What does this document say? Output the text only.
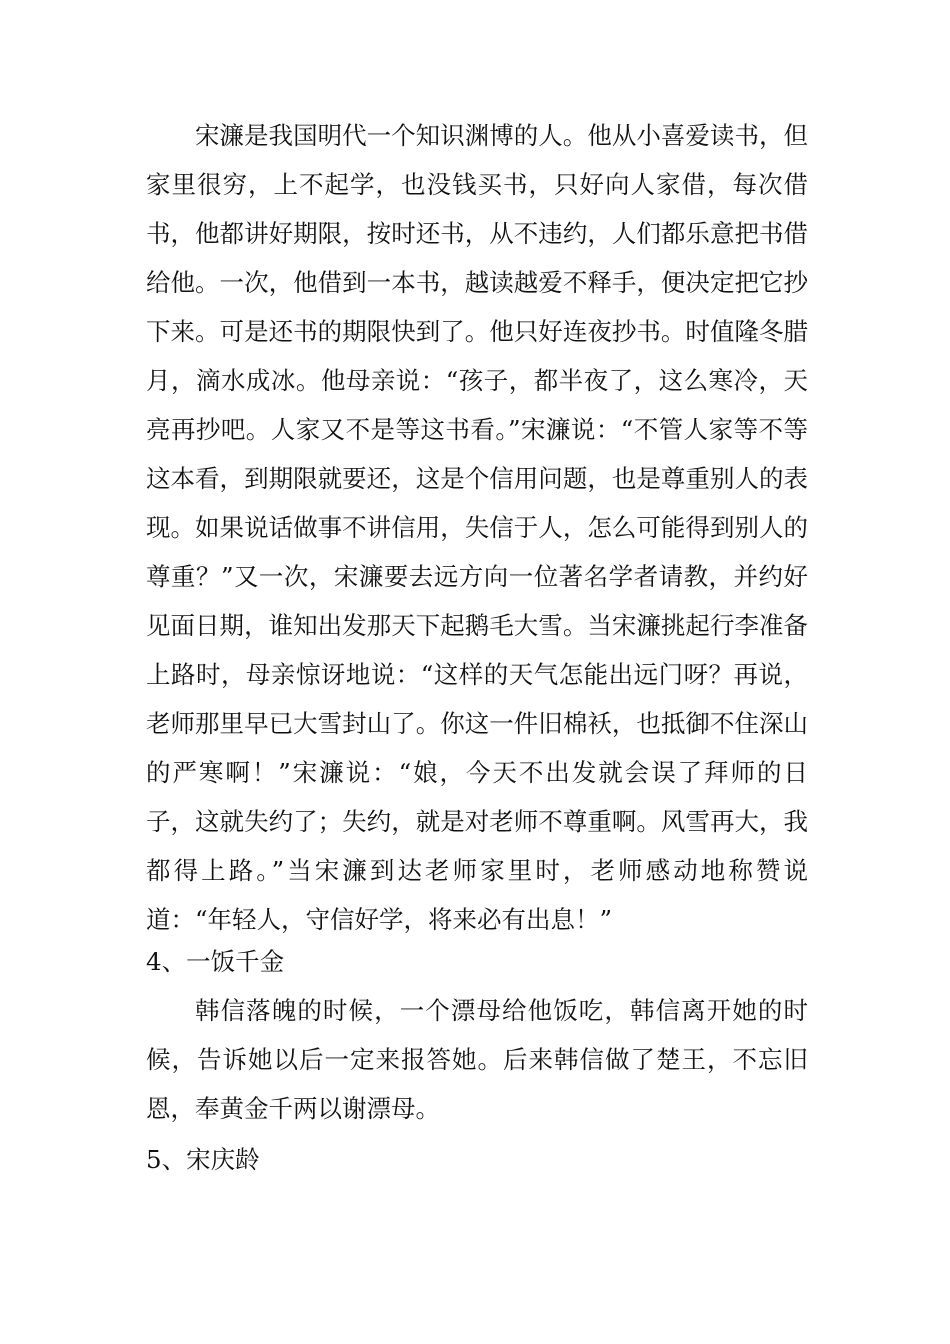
宋濂是我国明代一个知识渊博的人。他从小喜爱读书，但家里很穷，上不起学，也没钱买书，只好向人家借，每次借书，他都讲好期限，按时还书，从不违约，人们都乐意把书借给他。一次，他借到一本书，越读越爱不释手，便决定把它抄下来。可是还书的期限快到了。他只好连夜抄书。时值隆冬腊月，滴水成冰。他母亲说：“孩子，都半夜了，这么寒冷，天亮再抄吧。人家又不是等这书看。”宋濂说：“不管人家等不等这本看，到期限就要还，这是个信用问题，也是尊重别人的表现。如果说话做事不讲信用，失信于人，怎么可能得到别人的尊重？”又一次，宋濂要去远方向一位著名学者请教，并约好见面日期，谁知出发那天下起鹅毛大雪。当宋濂挑起行李准备上路时，母亲惊讶地说：“这样的天气怎能出远门呀？再说，老师那里早已大雪封山了。你这一件旧棉袄，也抵御不住深山的严寒啊！”宋濂说：“娘，今天不出发就会误了拜师的日子，这就失约了；失约，就是对老师不尊重啊。风雪再大，我都得上路。”当宋濂到达老师家里时，老师感动地称赞说道：“年轻人，守信好学，将来必有出息！”

4、一饭千金

韩信落魄的时候，一个漂母给他饭吃，韩信离开她的时候，告诉她以后一定来报答她。后来韩信做了楚王，不忘旧恩，奉黄金千两以谢漂母。

5、宋庆龄
